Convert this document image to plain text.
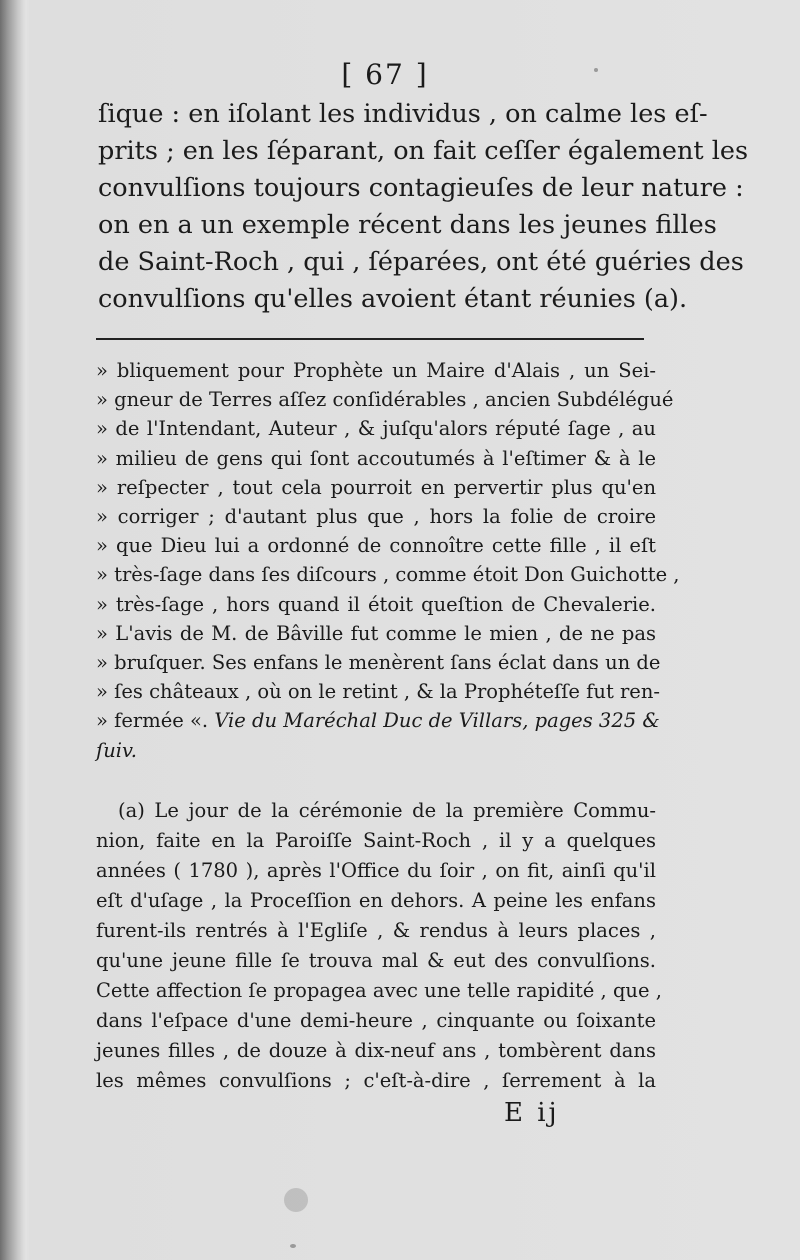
[ 67 ]
ſique : en iſolant les individus , on calme les eſ-
prits ; en les ſéparant, on fait ceſſer également les
convulſions toujours contagieuſes de leur nature :
on en a un exemple récent dans les jeunes filles
de Saint-Roch , qui , ſéparées, ont été guéries des
convulſions qu'elles avoient étant réunies (a).
» bliquement pour Prophète un Maire d'Alais , un Sei-
» gneur de Terres aſſez conſidérables , ancien Subdélégué
» de l'Intendant, Auteur , & juſqu'alors réputé ſage , au
» milieu de gens qui ſont accoutumés à l'eſtimer & à le
» reſpecter , tout cela pourroit en pervertir plus qu'en
» corriger ; d'autant plus que , hors la folie de croire
» que Dieu lui a ordonné de connoître cette fille , il eſt
» très-ſage dans ſes diſcours , comme étoit Don Guichotte ,
» très-ſage , hors quand il étoit queſtion de Chevalerie.
» L'avis de M. de Bâville fut comme le mien , de ne pas
» bruſquer. Ses enfans le menèrent ſans éclat dans un de
» ſes châteaux , où on le retint , & la Prophéteſſe fut ren-
» fermée «. Vie du Maréchal Duc de Villars, pages 325 &
ſuiv.
(a) Le jour de la cérémonie de la première Commu-
nion, faite en la Paroiſſe Saint-Roch , il y a quelques
années ( 1780 ), après l'Office du ſoir , on fit, ainſi qu'il
eſt d'uſage , la Proceſſion en dehors. A peine les enfans
furent-ils rentrés à l'Egliſe , & rendus à leurs places ,
qu'une jeune fille ſe trouva mal & eut des convulſions.
Cette affection ſe propagea avec une telle rapidité , que ,
dans l'eſpace d'une demi-heure , cinquante ou ſoixante
jeunes filles , de douze à dix-neuf ans , tombèrent dans
les mêmes convulſions ; c'eſt-à-dire , ſerrement à la
E ij
